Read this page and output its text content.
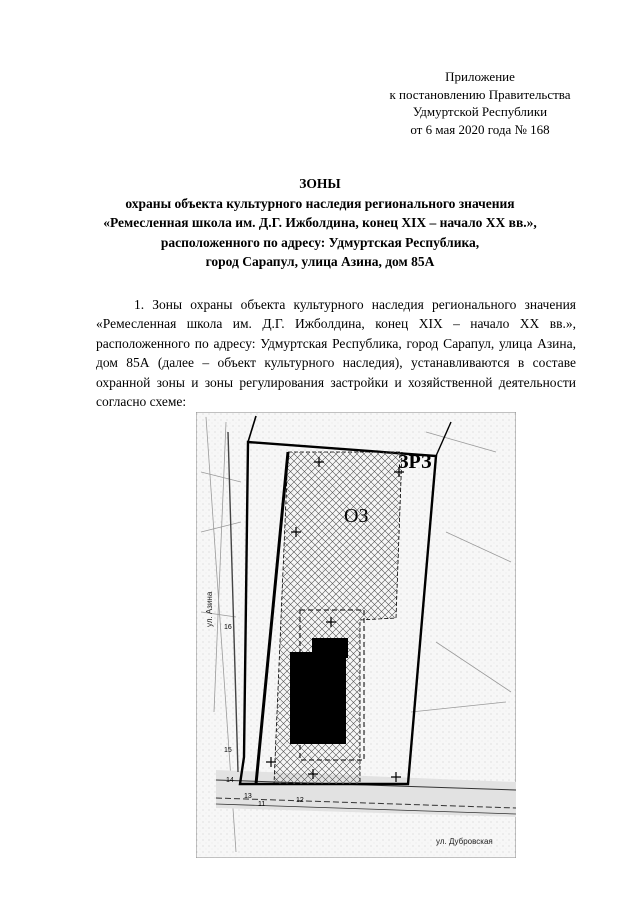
Приложение
к постановлению Правительства
Удмуртской Республики
от 6 мая 2020 года № 168
ЗОНЫ
охраны объекта культурного наследия регионального значения
«Ремесленная школа им. Д.Г. Ижболдина, конец XIX – начало XX вв.»,
расположенного по адресу: Удмуртская Республика,
город Сарапул, улица Азина, дом 85А

1. Зоны охраны объекта культурного наследия регионального значения «Ремесленная школа им. Д.Г. Ижболдина, конец XIX – начало XX вв.», расположенного по адресу: Удмуртская Республика, город Сарапул, улица Азина, дом 85А (далее – объект культурного наследия), устанавливаются в составе охранной зоны и зоны регулирования застройки и хозяйственной деятельности согласно схеме:

ЗРЗ
ОЗ
ул. Азина
ул. Дубровская
14
15
16
13
12
11
